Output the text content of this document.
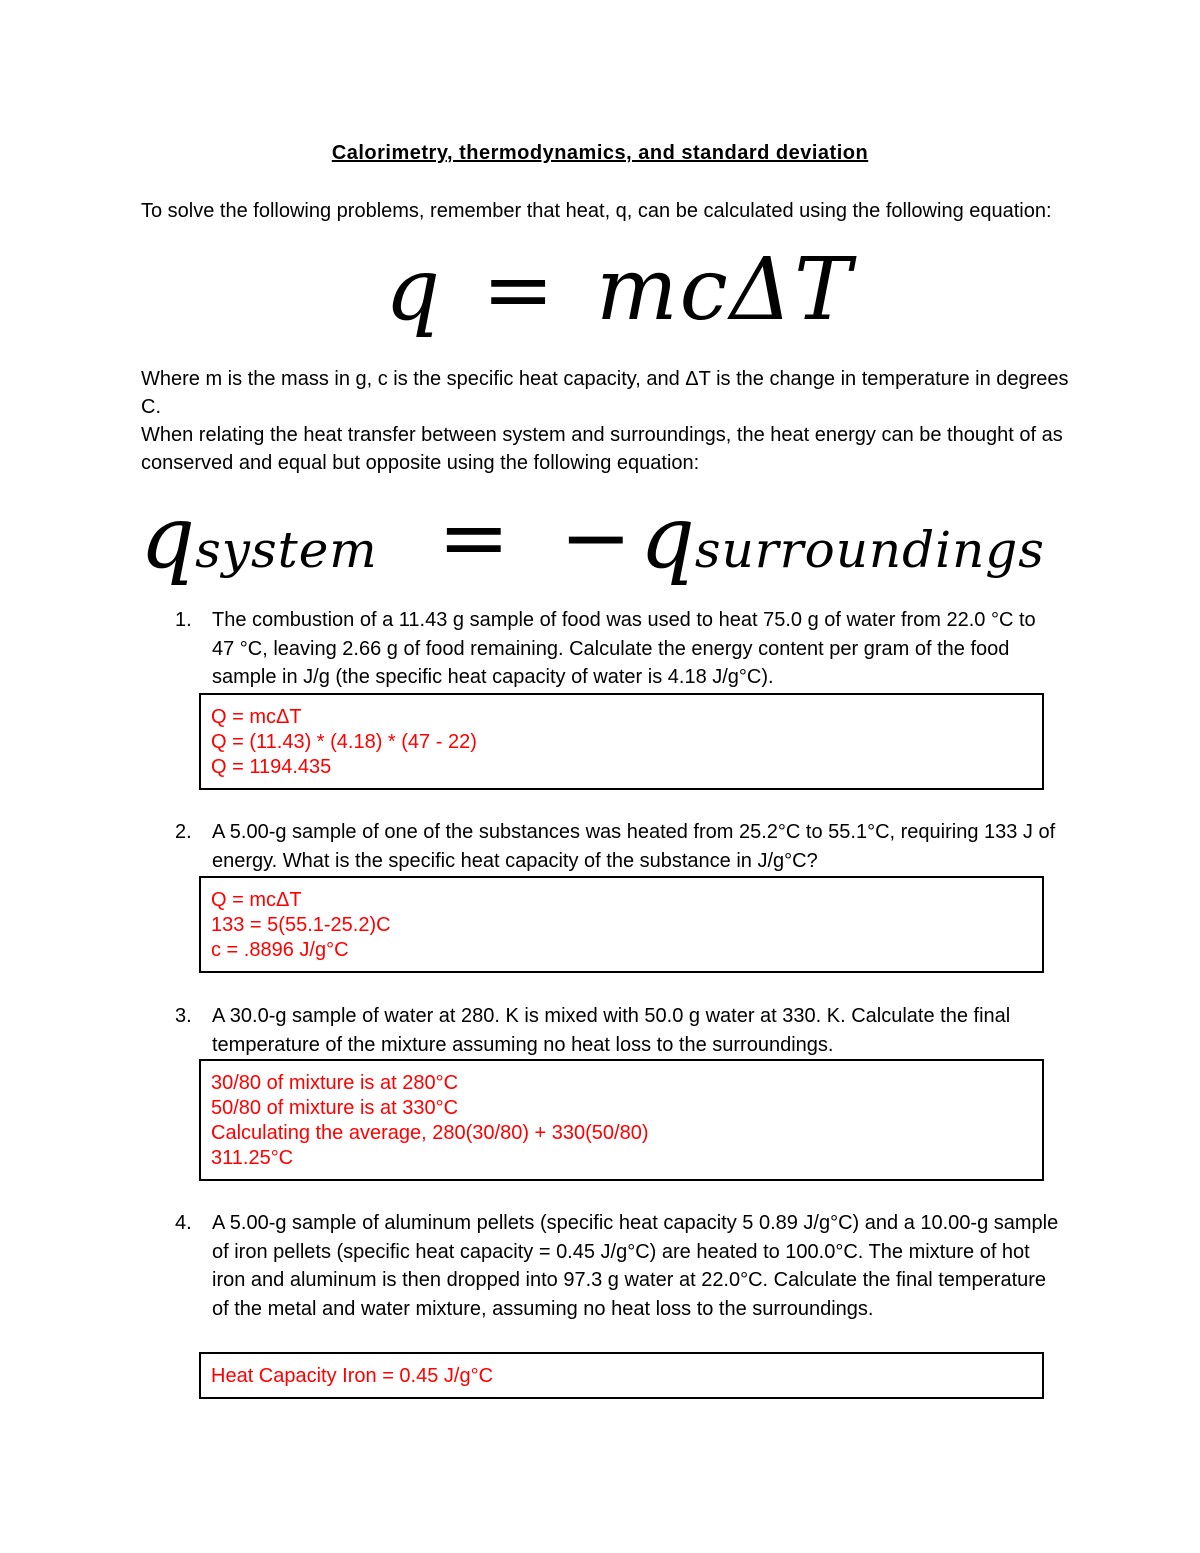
Calorimetry, thermodynamics, and standard deviation
To solve the following problems, remember that heat, q, can be calculated using the following equation:
q = mcΔT
Where m is the mass in g, c is the specific heat capacity, and ΔT is the change in temperature in degrees C.
When relating the heat transfer between system and surroundings, the heat energy can be thought of as conserved and equal but opposite using the following equation:
qsystem = −qsurroundings
1. The combustion of a 11.43 g sample of food was used to heat 75.0 g of water from 22.0 °C to 47 °C, leaving 2.66 g of food remaining. Calculate the energy content per gram of the food sample in J/g (the specific heat capacity of water is 4.18 J/g°C).
Q = mcΔT
Q = (11.43) * (4.18) * (47 - 22)
Q = 1194.435
2. A 5.00-g sample of one of the substances was heated from 25.2°C to 55.1°C, requiring 133 J of energy. What is the specific heat capacity of the substance in J/g°C?
Q = mcΔT
133 = 5(55.1-25.2)C
c = .8896 J/g°C
3. A 30.0-g sample of water at 280. K is mixed with 50.0 g water at 330. K. Calculate the final temperature of the mixture assuming no heat loss to the surroundings.
30/80 of mixture is at 280°C
50/80 of mixture is at 330°C
Calculating the average, 280(30/80) + 330(50/80)
311.25°C
4. A 5.00-g sample of aluminum pellets (specific heat capacity 5 0.89 J/g°C) and a 10.00-g sample of iron pellets (specific heat capacity = 0.45 J/g°C) are heated to 100.0°C. The mixture of hot iron and aluminum is then dropped into 97.3 g water at 22.0°C. Calculate the final temperature of the metal and water mixture, assuming no heat loss to the surroundings.
Heat Capacity Iron = 0.45 J/g°C
